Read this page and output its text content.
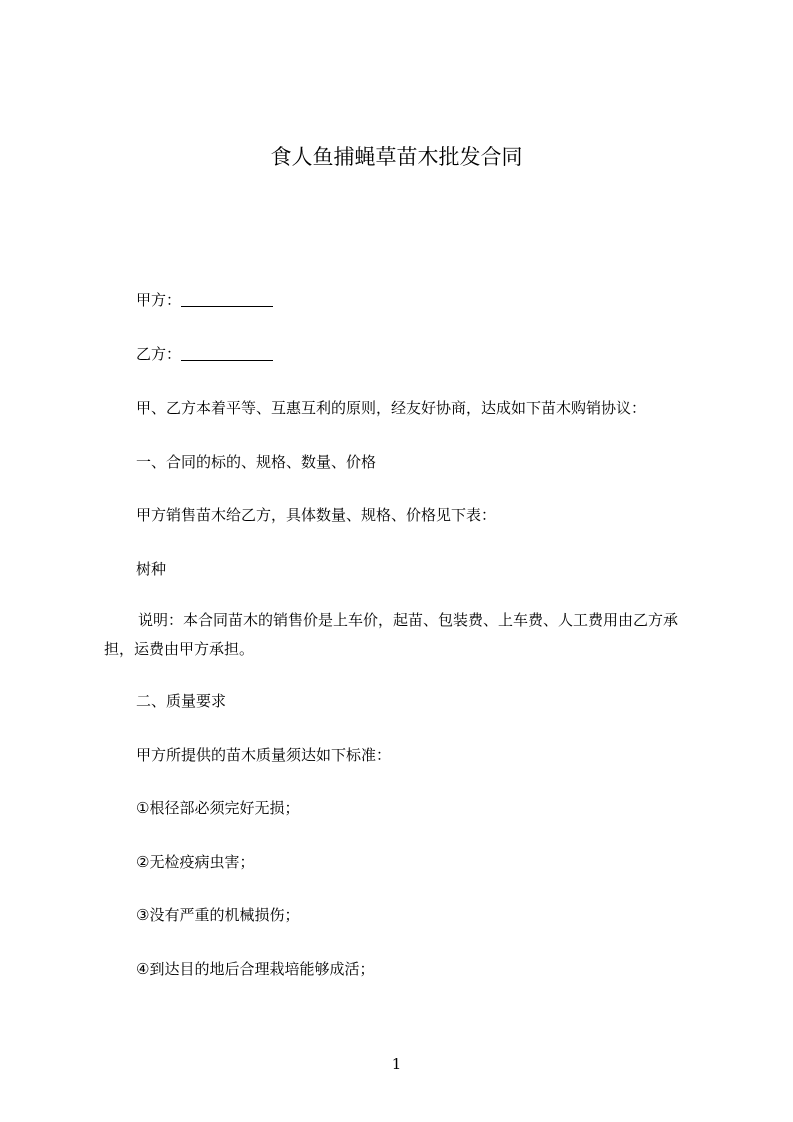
食人鱼捕蝇草苗木批发合同
甲方：
乙方：
甲、乙方本着平等、互惠互利的原则，经友好协商，达成如下苗木购销协议：
一、合同的标的、规格、数量、价格
甲方销售苗木给乙方，具体数量、规格、价格见下表：
树种
说明：本合同苗木的销售价是上车价，起苗、包装费、上车费、人工费用由乙方承担，运费由甲方承担。
二、质量要求
甲方所提供的苗木质量须达如下标准：
①根径部必须完好无损；
②无检疫病虫害；
③没有严重的机械损伤；
④到达目的地后合理栽培能够成活；
1
